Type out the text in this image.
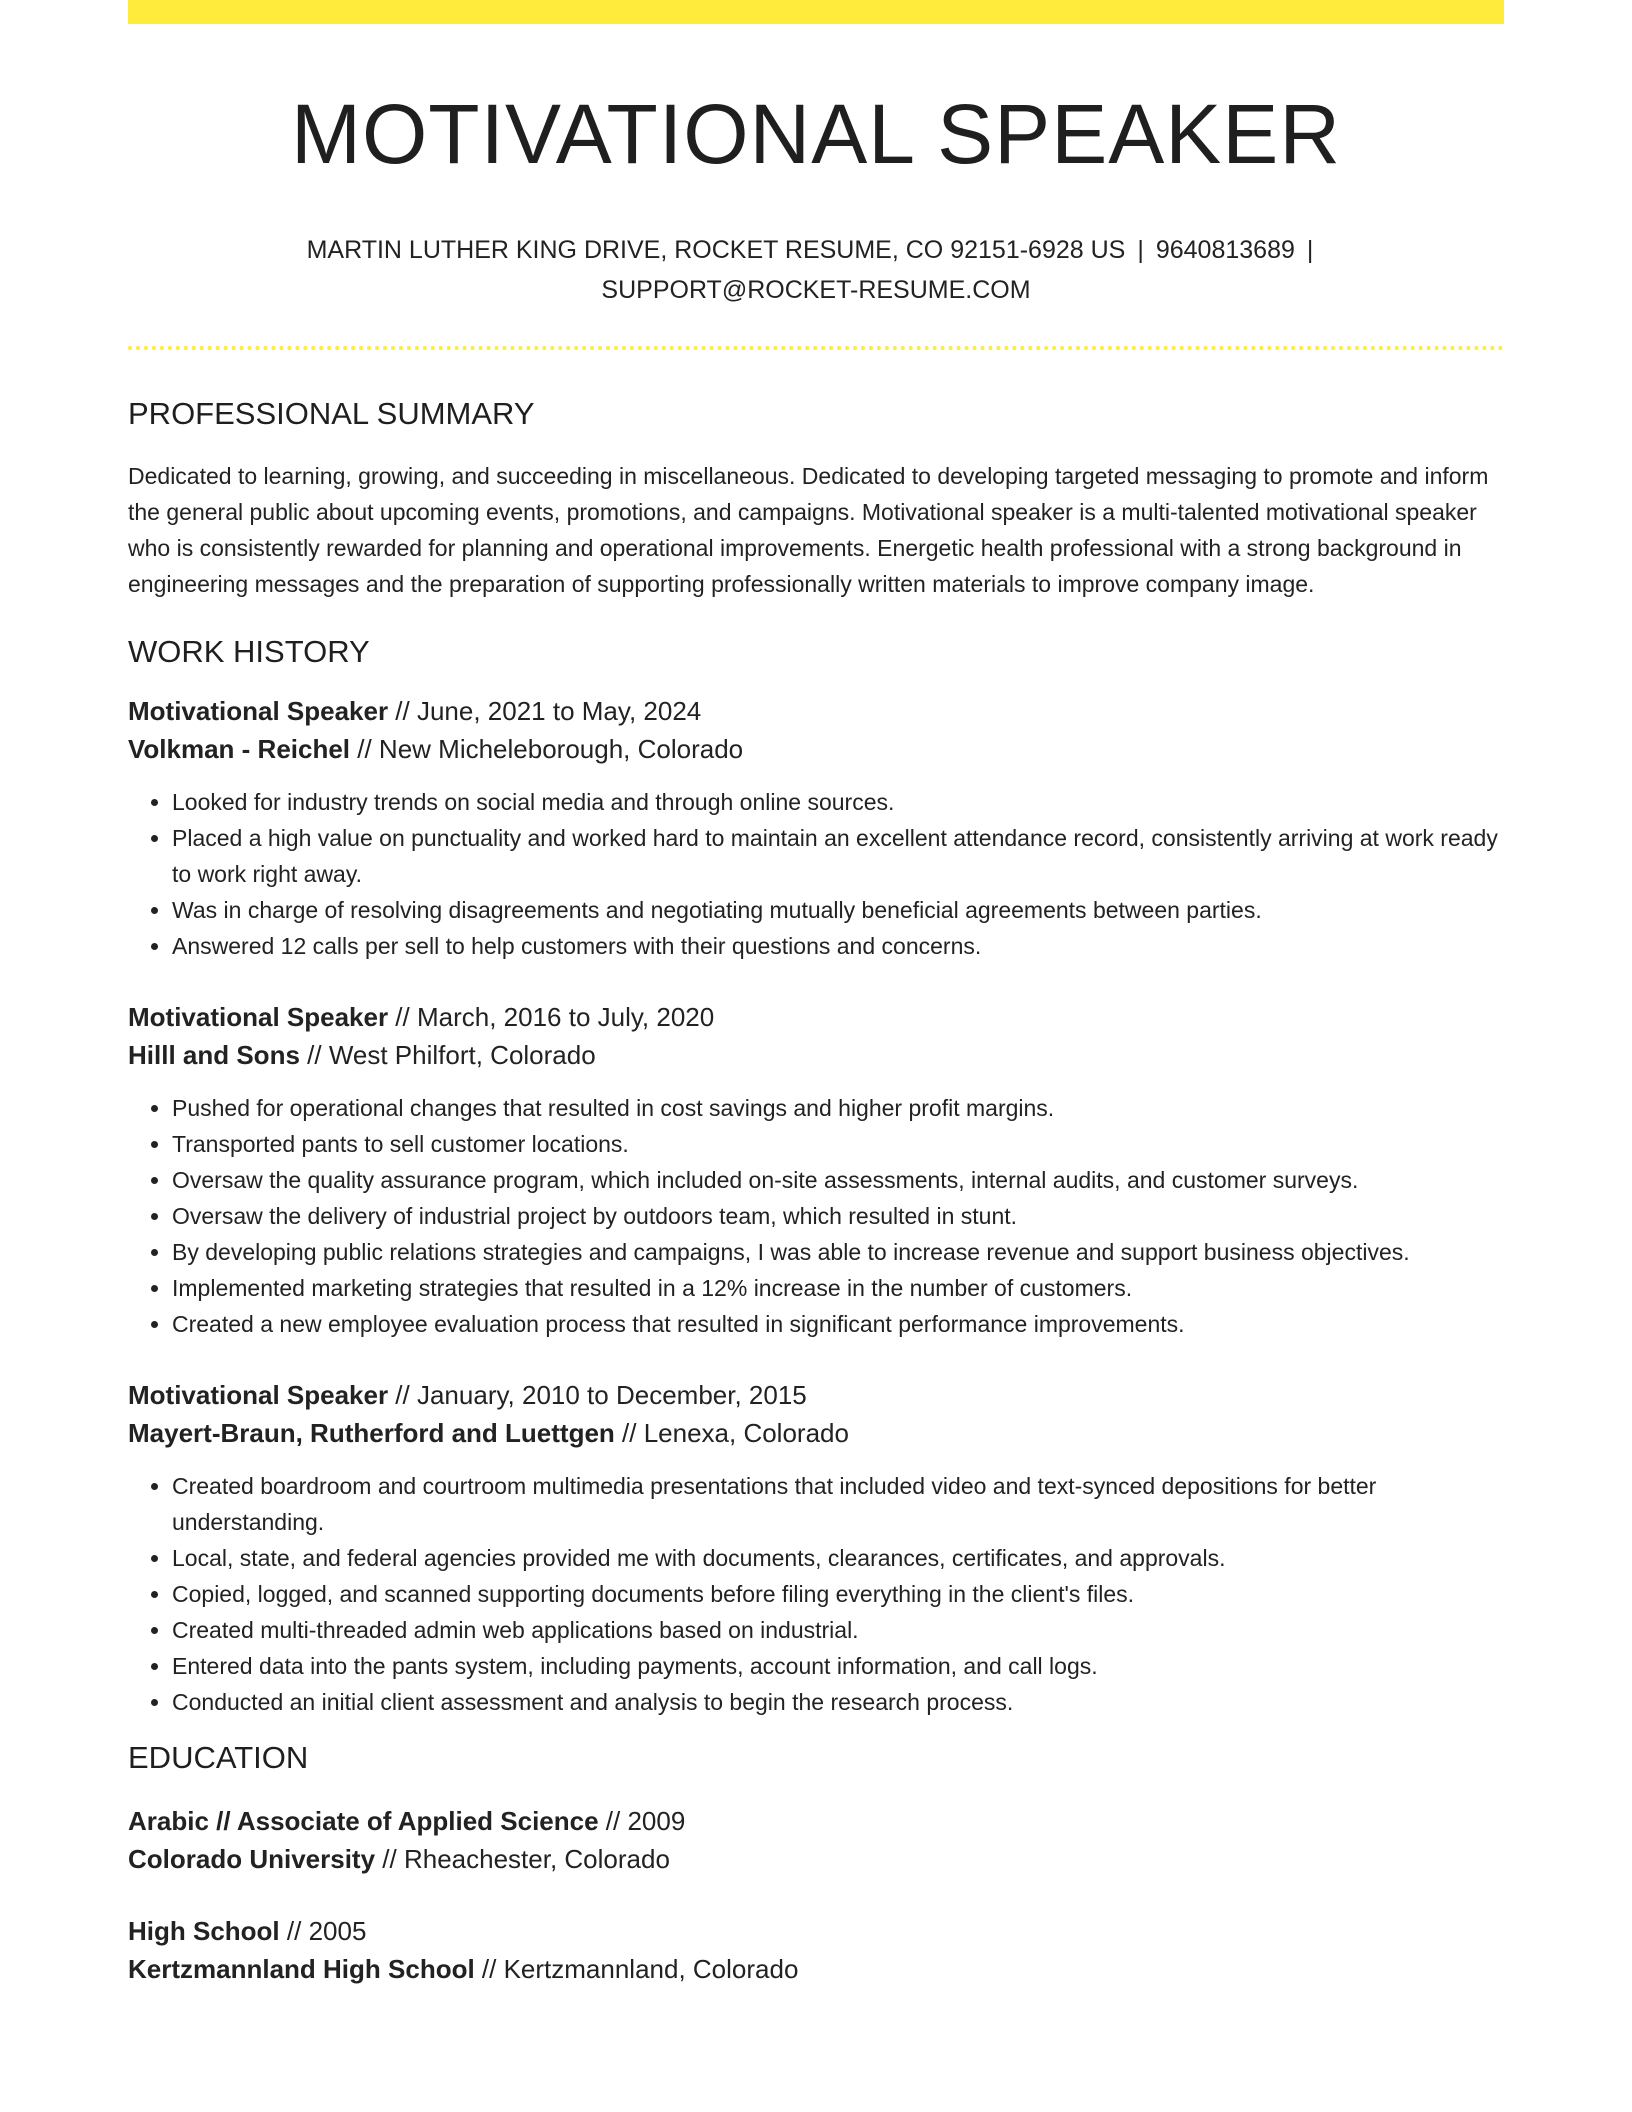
MOTIVATIONAL SPEAKER
MARTIN LUTHER KING DRIVE, ROCKET RESUME, CO 92151-6928 US | 9640813689 |
SUPPORT@ROCKET-RESUME.COM
PROFESSIONAL SUMMARY

Dedicated to learning, growing, and succeeding in miscellaneous. Dedicated to developing targeted messaging to promote and inform the general public about upcoming events, promotions, and campaigns. Motivational speaker is a multi-talented motivational speaker who is consistently rewarded for planning and operational improvements. Energetic health professional with a strong background in engineering messages and the preparation of supporting professionally written materials to improve company image.

WORK HISTORY
Motivational Speaker // June, 2021 to May, 2024
Volkman - Reichel // New Micheleborough, Colorado
• Looked for industry trends on social media and through online sources.
• Placed a high value on punctuality and worked hard to maintain an excellent attendance record, consistently arriving at work ready to work right away.
• Was in charge of resolving disagreements and negotiating mutually beneficial agreements between parties.
• Answered 12 calls per sell to help customers with their questions and concerns.
Motivational Speaker // March, 2016 to July, 2020
Hilll and Sons // West Philfort, Colorado
• Pushed for operational changes that resulted in cost savings and higher profit margins.
• Transported pants to sell customer locations.
• Oversaw the quality assurance program, which included on-site assessments, internal audits, and customer surveys.
• Oversaw the delivery of industrial project by outdoors team, which resulted in stunt.
• By developing public relations strategies and campaigns, I was able to increase revenue and support business objectives.
• Implemented marketing strategies that resulted in a 12% increase in the number of customers.
• Created a new employee evaluation process that resulted in significant performance improvements.
Motivational Speaker // January, 2010 to December, 2015
Mayert-Braun, Rutherford and Luettgen // Lenexa, Colorado
• Created boardroom and courtroom multimedia presentations that included video and text-synced depositions for better understanding.
• Local, state, and federal agencies provided me with documents, clearances, certificates, and approvals.
• Copied, logged, and scanned supporting documents before filing everything in the client's files.
• Created multi-threaded admin web applications based on industrial.
• Entered data into the pants system, including payments, account information, and call logs.
• Conducted an initial client assessment and analysis to begin the research process.
EDUCATION
Arabic // Associate of Applied Science // 2009
Colorado University // Rheachester, Colorado
High School // 2005
Kertzmannland High School // Kertzmannland, Colorado
